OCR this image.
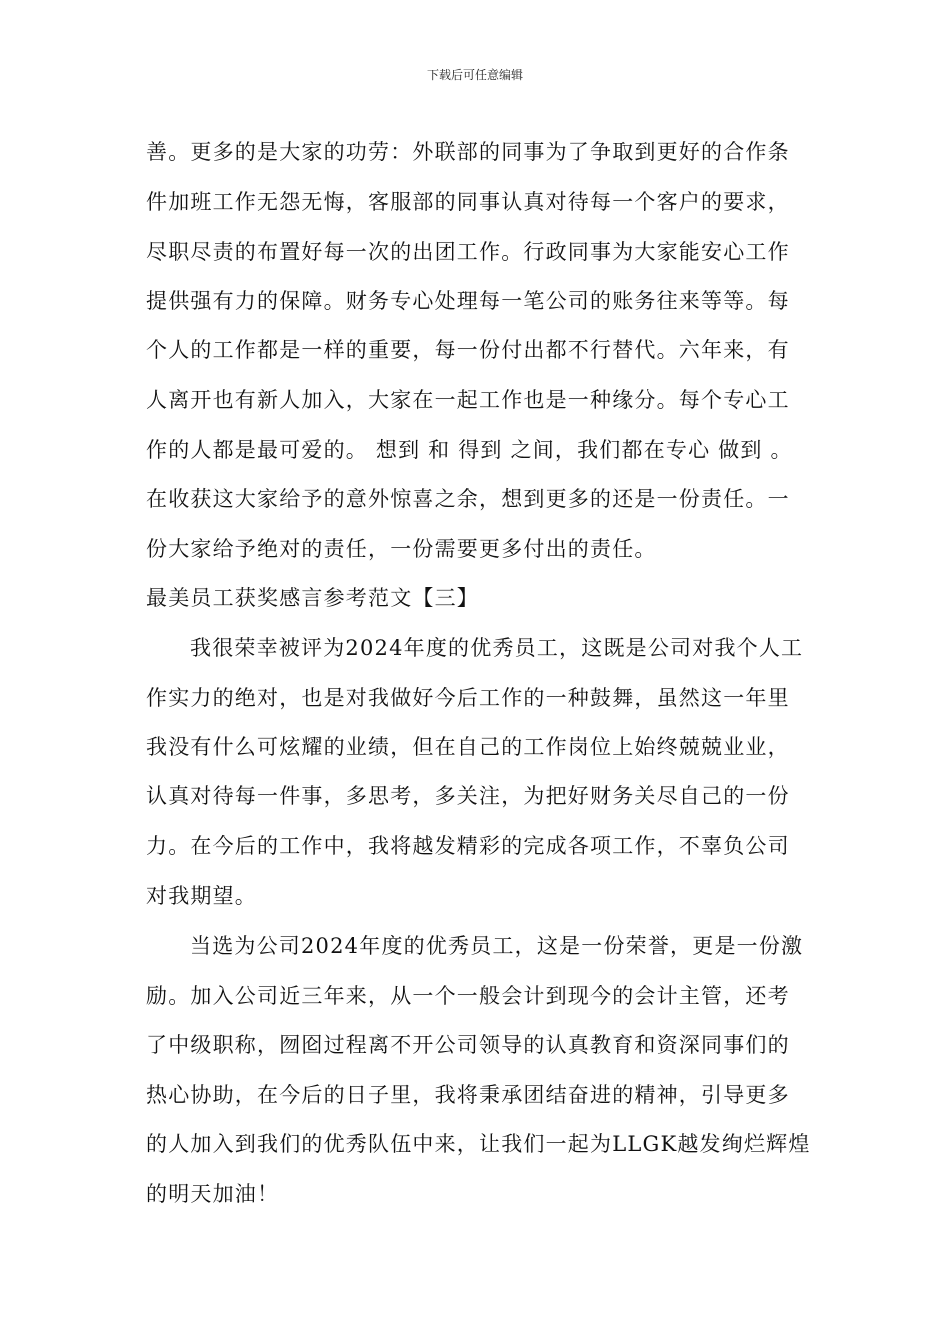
下载后可任意编辑
善。更多的是大家的功劳：外联部的同事为了争取到更好的合作条
件加班工作无怨无悔，客服部的同事认真对待每一个客户的要求，
尽职尽责的布置好每一次的出团工作。行政同事为大家能安心工作
提供强有力的保障。财务专心处理每一笔公司的账务往来等等。每
个人的工作都是一样的重要，每一份付出都不行替代。六年来，有
人离开也有新人加入，大家在一起工作也是一种缘分。每个专心工
作的人都是最可爱的。 想到 和 得到 之间，我们都在专心 做到 。
在收获这大家给予的意外惊喜之余，想到更多的还是一份责任。一
份大家给予绝对的责任，一份需要更多付出的责任。
最美员工获奖感言参考范文【三】
我很荣幸被评为2024年度的优秀员工，这既是公司对我个人工
作实力的绝对，也是对我做好今后工作的一种鼓舞，虽然这一年里
我没有什么可炫耀的业绩，但在自己的工作岗位上始终兢兢业业，
认真对待每一件事，多思考，多关注，为把好财务关尽自己的一份
力。在今后的工作中，我将越发精彩的完成各项工作，不辜负公司
对我期望。
当选为公司2024年度的优秀员工，这是一份荣誉，更是一份激
励。加入公司近三年来，从一个一般会计到现今的会计主管，还考
了中级职称，囫囵过程离不开公司领导的认真教育和资深同事们的
热心协助，在今后的日子里，我将秉承团结奋进的精神，引导更多
的人加入到我们的优秀队伍中来，让我们一起为LLGK越发绚烂辉煌
的明天加油！
